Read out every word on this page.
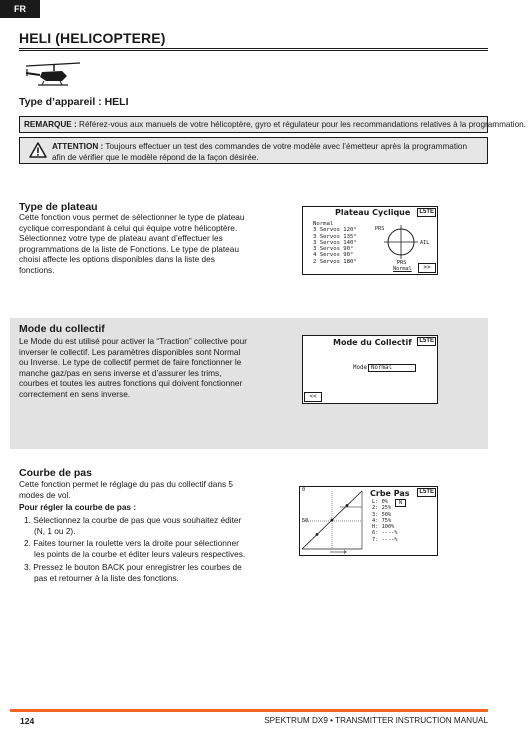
FR
HELI (HELICOPTERE)
Type d’appareil : HELI
REMARQUE : Référez-vous aux manuels de votre hélicoptère, gyro et régulateur pour les recommandations relatives à la programmation.
ATTENTION : Toujours effectuer un test des commandes de votre modèle avec l’émetteur après la programmation afin de vérifier que le modèle répond de la façon désirée.
Type de plateau
Cette fonction vous permet de sélectionner le type de plateau cyclique correspondant à celui qui équipe votre hélicoptère. Sélectionnez votre type de plateau avant d’effectuer les programmations de la liste de Fonctions. Le type de plateau choisi affecte les options disponibles dans la liste des fonctions.
Plateau Cyclique	L5TE
Normal
3 Servos 120°
3 Servos 135°
3 Servos 140°
3 Servos 90°
4 Servos 90°
2 Servos 180°
PRS
AIL
PRS
Normal	>>
Mode du collectif
Le Mode du est utilisé pour activer la “Traction” collective pour inverser le collectif. Les paramètres disponibles sont Normal ou Inverse. Le type de collectif permet de faire fonctionner le manche gaz/pas en sens inverse et d’assurer les trims, courbes et toutes les autres fonctions qui doivent fonctionner correctement en sens inverse.
Mode du Collectif	L5TE
Mode Normal
<<
Courbe de pas
Cette fonction permet le réglage du pas du collectif dans 5 modes de vol.
Pour régler la courbe de pas :
1. Sélectionnez la courbe de pas que vous souhaitez éditer (N, 1 ou 2).
2. Faites tourner la roulette vers la droite pour sélectionner les points de la courbe et éditer leurs valeurs respectives.
3. Pressez le bouton BACK pour enregistrer les courbes de pas et retourner à la liste des fonctions.
0
50
Crbe Pas	L5TE
N
L: 0%
2: 25%
3: 50%
4: 75%
H: 100%
6: ----%
7: ----%
124	SPEKTRUM DX9 • TRANSMITTER INSTRUCTION MANUAL
